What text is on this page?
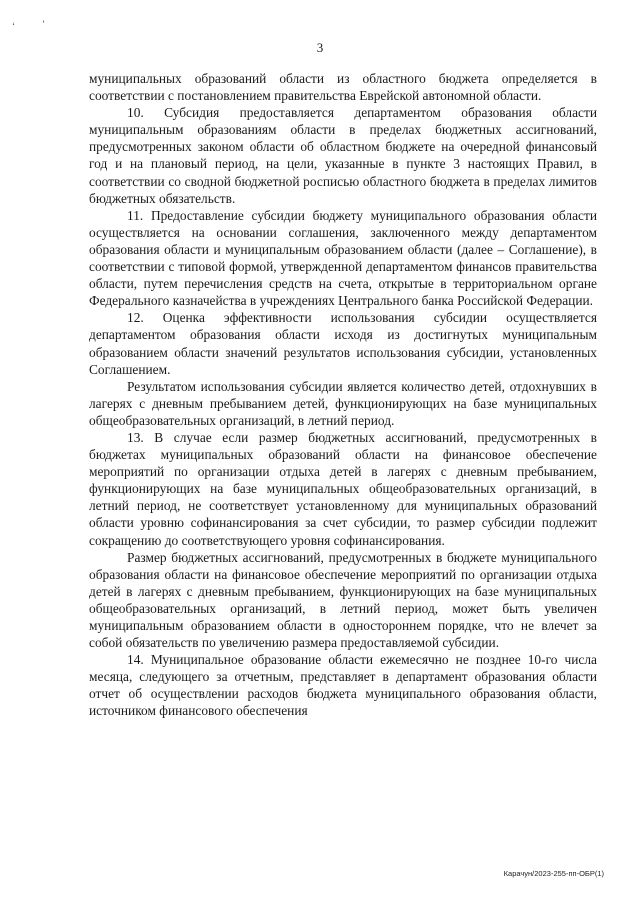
‘	’
3

муниципальных образований области из областного бюджета определяется в соответствии с постановлением правительства Еврейской автономной области.

10. Субсидия предоставляется департаментом образования области муниципальным образованиям области в пределах бюджетных ассигнований, предусмотренных законом области об областном бюджете на очередной финансовый год и на плановый период, на цели, указанные в пункте 3 настоящих Правил, в соответствии со сводной бюджетной росписью областного бюджета в пределах лимитов бюджетных обязательств.

11. Предоставление субсидии бюджету муниципального образования области осуществляется на основании соглашения, заключенного между департаментом образования области и муниципальным образованием области (далее – Соглашение), в соответствии с типовой формой, утвержденной департаментом финансов правительства области, путем перечисления средств на счета, открытые в территориальном органе Федерального казначейства в учреждениях Центрального банка Российской Федерации.

12. Оценка эффективности использования субсидии осуществляется департаментом образования области исходя из достигнутых муниципальным образованием области значений результатов использования субсидии, установленных Соглашением.

Результатом использования субсидии является количество детей, отдохнувших в лагерях с дневным пребыванием детей, функционирующих на базе муниципальных общеобразовательных организаций, в летний период.

13. В случае если размер бюджетных ассигнований, предусмотренных в бюджетах муниципальных образований области на финансовое обеспечение мероприятий по организации отдыха детей в лагерях с дневным пребыванием, функционирующих на базе муниципальных общеобразовательных организаций, в летний период, не соответствует установленному для муниципальных образований области уровню софинансирования за счет субсидии, то размер субсидии подлежит сокращению до соответствующего уровня софинансирования.

Размер бюджетных ассигнований, предусмотренных в бюджете муниципального образования области на финансовое обеспечение мероприятий по организации отдыха детей в лагерях с дневным пребыванием, функционирующих на базе муниципальных общеобразовательных организаций, в летний период, может быть увеличен муниципальным образованием области в одностороннем порядке, что не влечет за собой обязательств по увеличению размера предоставляемой субсидии.

14. Муниципальное образование области ежемесячно не позднее 10-го числа месяца, следующего за отчетным, представляет в департамент образования области отчет об осуществлении расходов бюджета муниципального образования области, источником финансового обеспечения

Карачун/2023-255-пп-ОБР(1)
